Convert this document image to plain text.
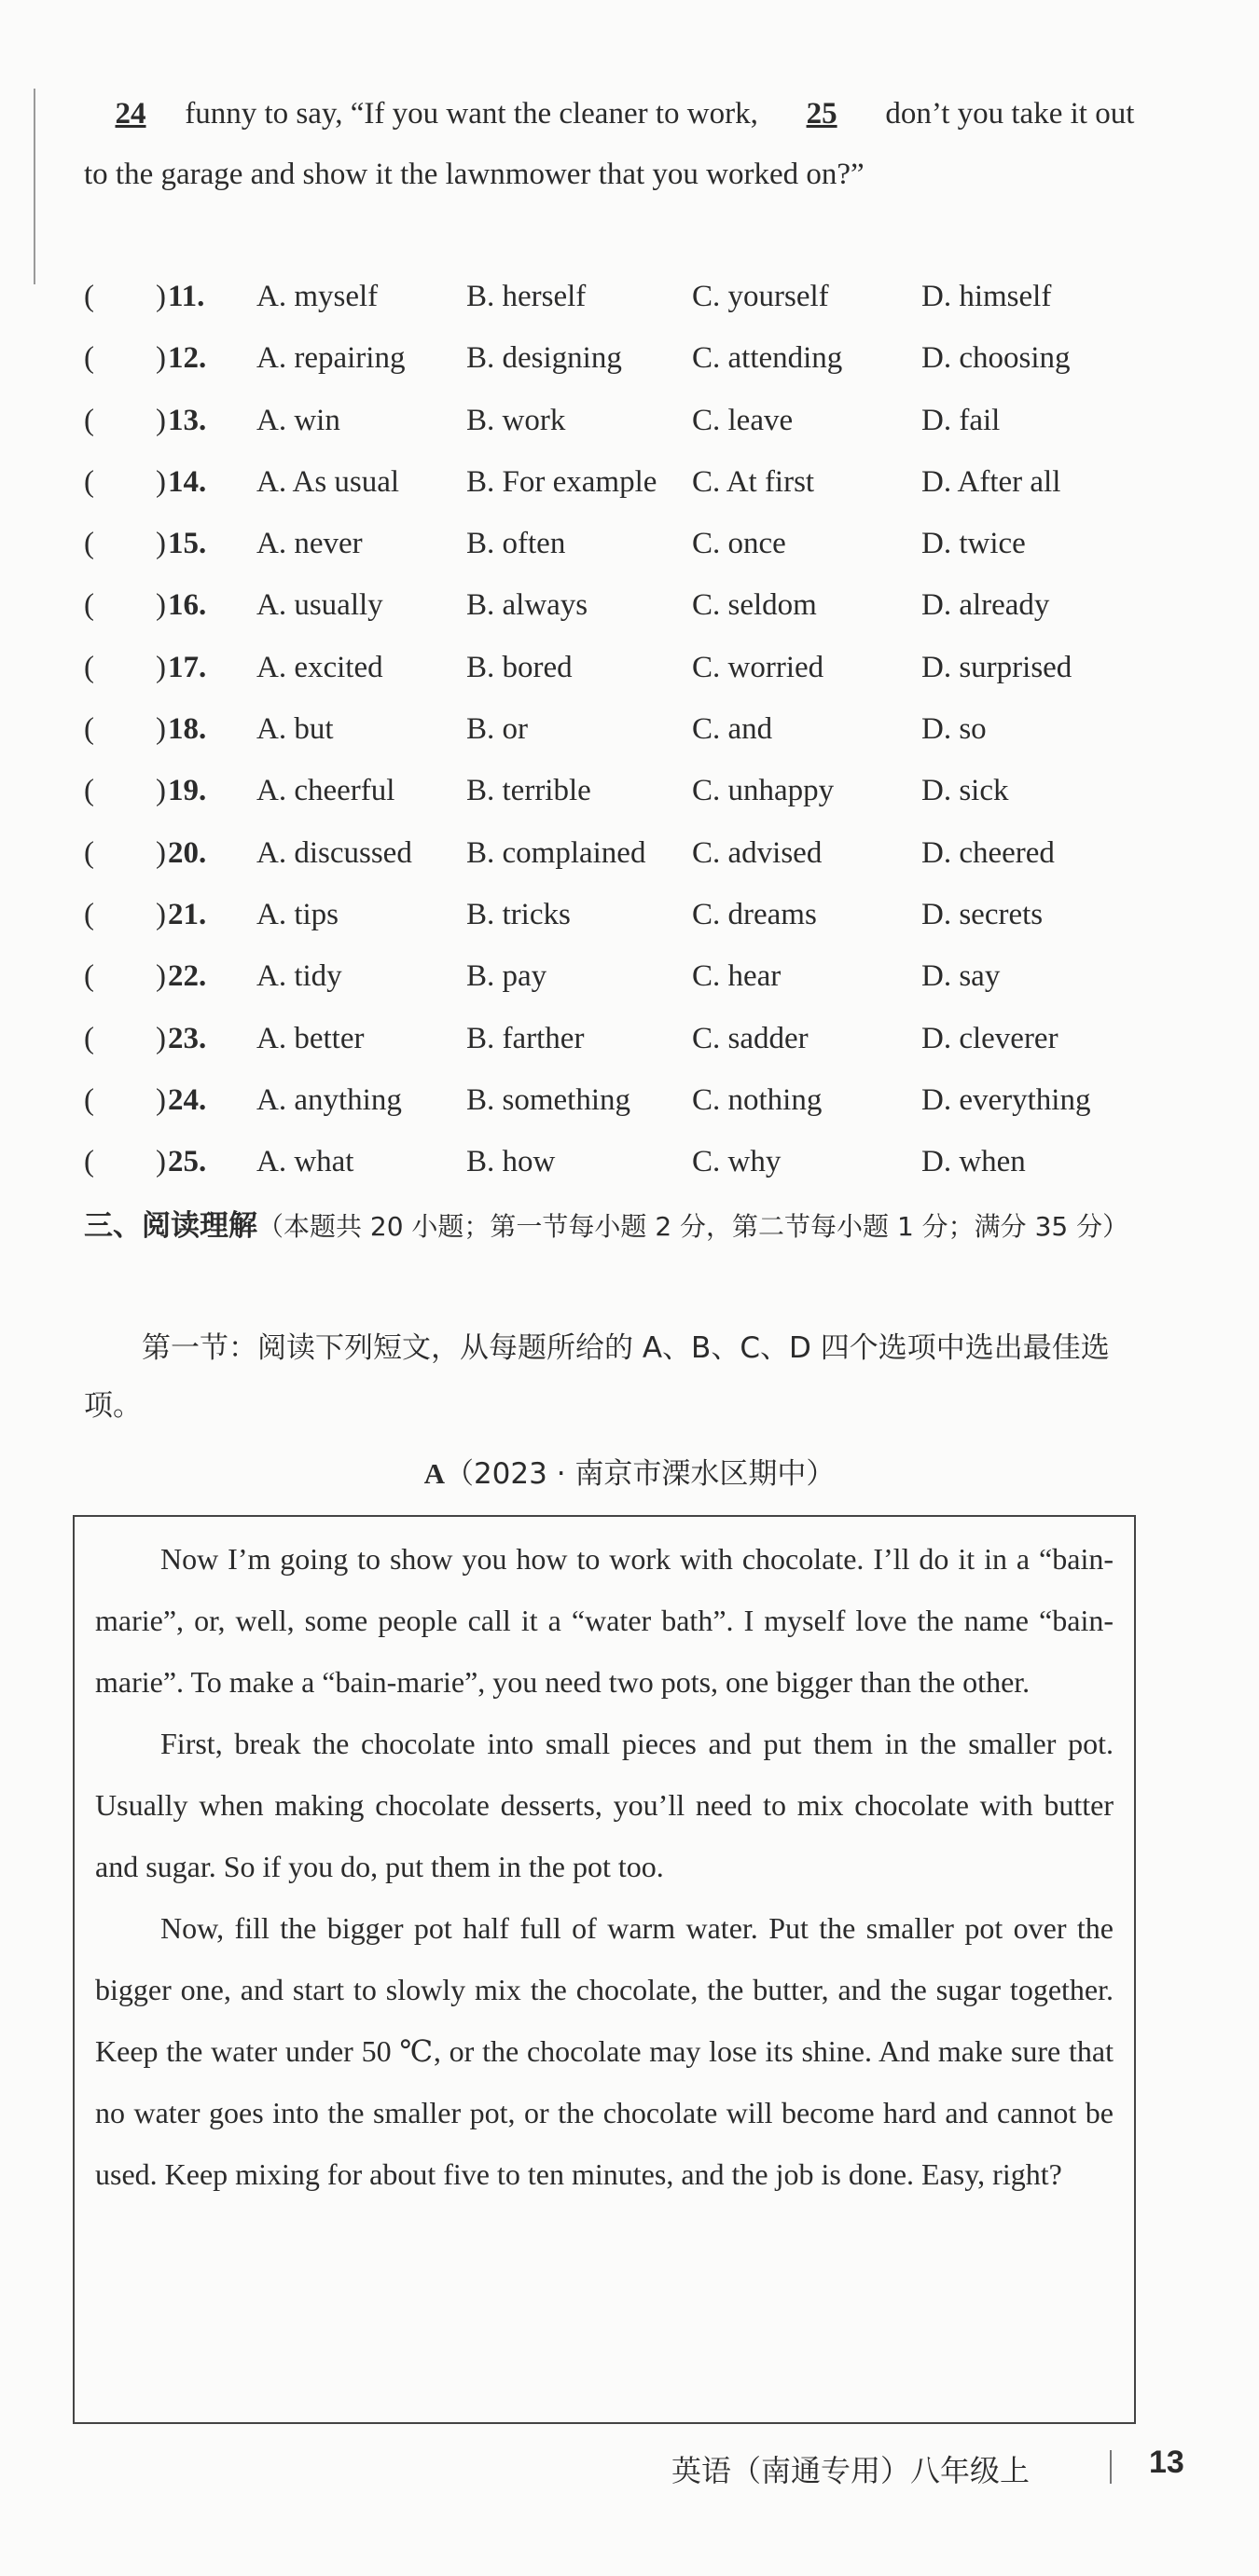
24 funny to say, “If you want the cleaner to work, 25 don’t you take it out to the garage and show it the lawnmower that you worked on?”
(　　) 11. A. myself	B. herself	C. yourself	D. himself
(　　) 12. A. repairing B. designing C. attending	D. choosing
(　　) 13. A. win	B. work	C. leave	D. fail
(　　) 14. A. As usual B. For example C. At first	D. After all
(　　) 15. A. never	B. often	C. once	D. twice
(　　) 16. A. usually	B. always	C. seldom	D. already
(　　) 17. A. excited	B. bored	C. worried	D. surprised
(　　) 18. A. but	B. or	C. and	D. so
(　　) 19. A. cheerful B. terrible	C. unhappy	D. sick
(　　) 20. A. discussed B. complained C. advised	D. cheered
(　　) 21. A. tips	B. tricks	C. dreams	D. secrets
(　　) 22. A. tidy	B. pay	C. hear	D. say
(　　) 23. A. better	B. farther	C. sadder	D. cleverer
(　　) 24. A. anything B. something C. nothing	D. everything
(　　) 25. A. what	B. how	C. why	D. when
三、阅读理解（本题共 20 小题；第一节每小题 2 分，第二节每小题 1 分；满分 35 分）
第一节：阅读下列短文，从每题所给的 A、B、C、D 四个选项中选出最佳选项。
A（2023 · 南京市溧水区期中）

Now I’m going to show you how to work with chocolate. I’ll do it in a “bain-marie”, or, well, some people call it a “water bath”. I myself love the name “bain-marie”. To make a “bain-marie”, you need two pots, one bigger than the other.

First, break the chocolate into small pieces and put them in the smaller pot. Usually when making chocolate desserts, you’ll need to mix chocolate with butter and sugar. So if you do, put them in the pot too.

Now, fill the bigger pot half full of warm water. Put the smaller pot over the bigger one, and start to slowly mix the chocolate, the butter, and the sugar together. Keep the water under 50 ℃, or the chocolate may lose its shine. And make sure that no water goes into the smaller pot, or the chocolate will become hard and cannot be used. Keep mixing for about five to ten minutes, and the job is done. Easy, right?

英语（南通专用）八年级上	13
